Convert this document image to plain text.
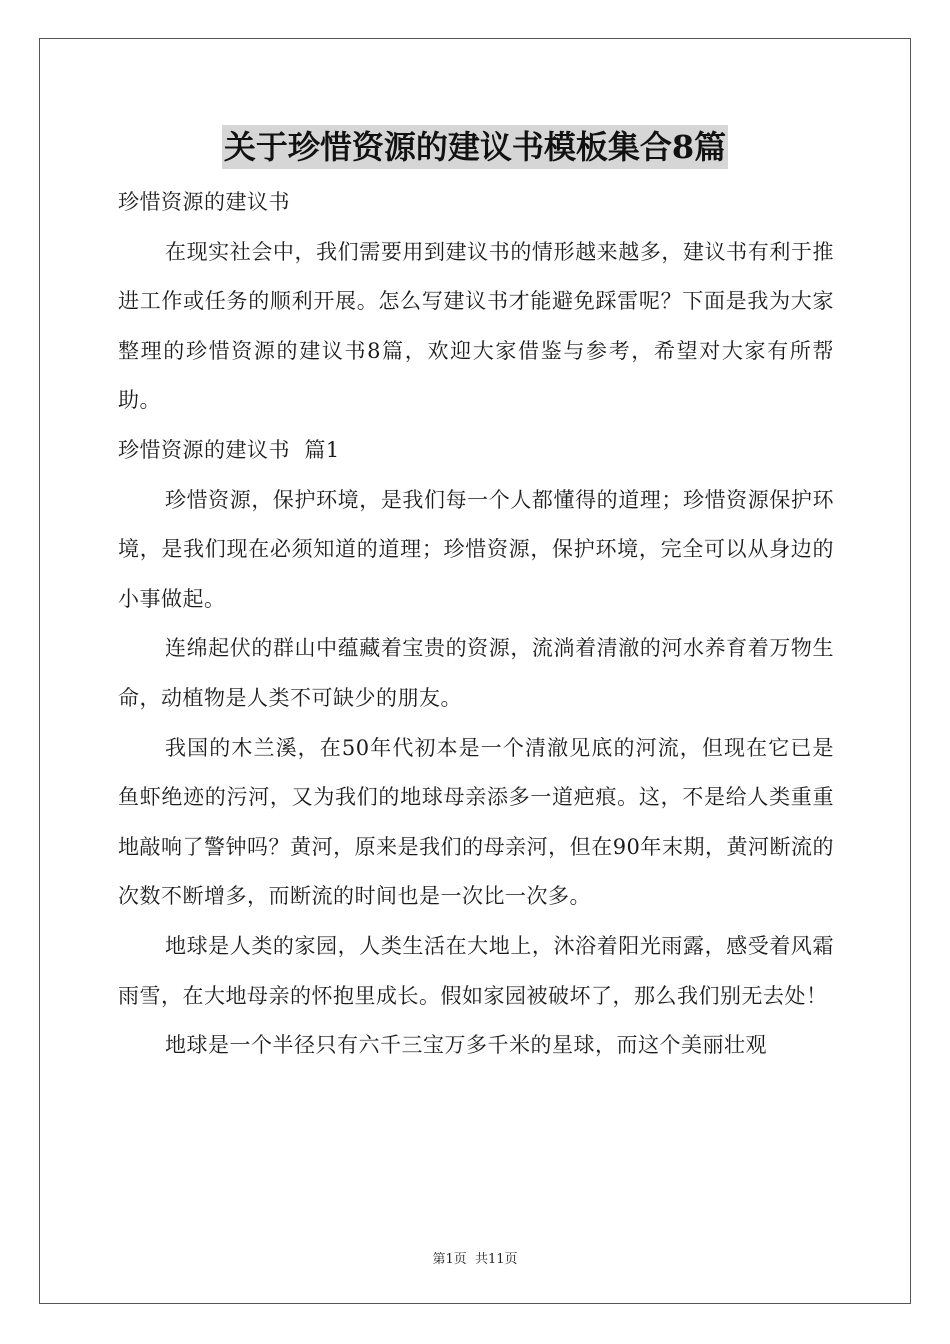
关于珍惜资源的建议书模板集合8篇
珍惜资源的建议书
在现实社会中，我们需要用到建议书的情形越来越多，建议书有利于推进工作或任务的顺利开展。怎么写建议书才能避免踩雷呢？下面是我为大家整理的珍惜资源的建议书8篇，欢迎大家借鉴与参考，希望对大家有所帮助。
珍惜资源的建议书  篇1
珍惜资源，保护环境，是我们每一个人都懂得的道理；珍惜资源保护环境，是我们现在必须知道的道理；珍惜资源，保护环境，完全可以从身边的小事做起。
连绵起伏的群山中蕴藏着宝贵的资源，流淌着清澈的河水养育着万物生命，动植物是人类不可缺少的朋友。
我国的木兰溪，在50年代初本是一个清澈见底的河流，但现在它已是鱼虾绝迹的污河，又为我们的地球母亲添多一道疤痕。这，不是给人类重重地敲响了警钟吗？黄河，原来是我们的母亲河，但在90年末期，黄河断流的次数不断增多，而断流的时间也是一次比一次多。
地球是人类的家园，人类生活在大地上，沐浴着阳光雨露，感受着风霜雨雪，在大地母亲的怀抱里成长。假如家园被破坏了，那么我们别无去处！
地球是一个半径只有六千三宝万多千米的星球，而这个美丽壮观
第1页  共11页
